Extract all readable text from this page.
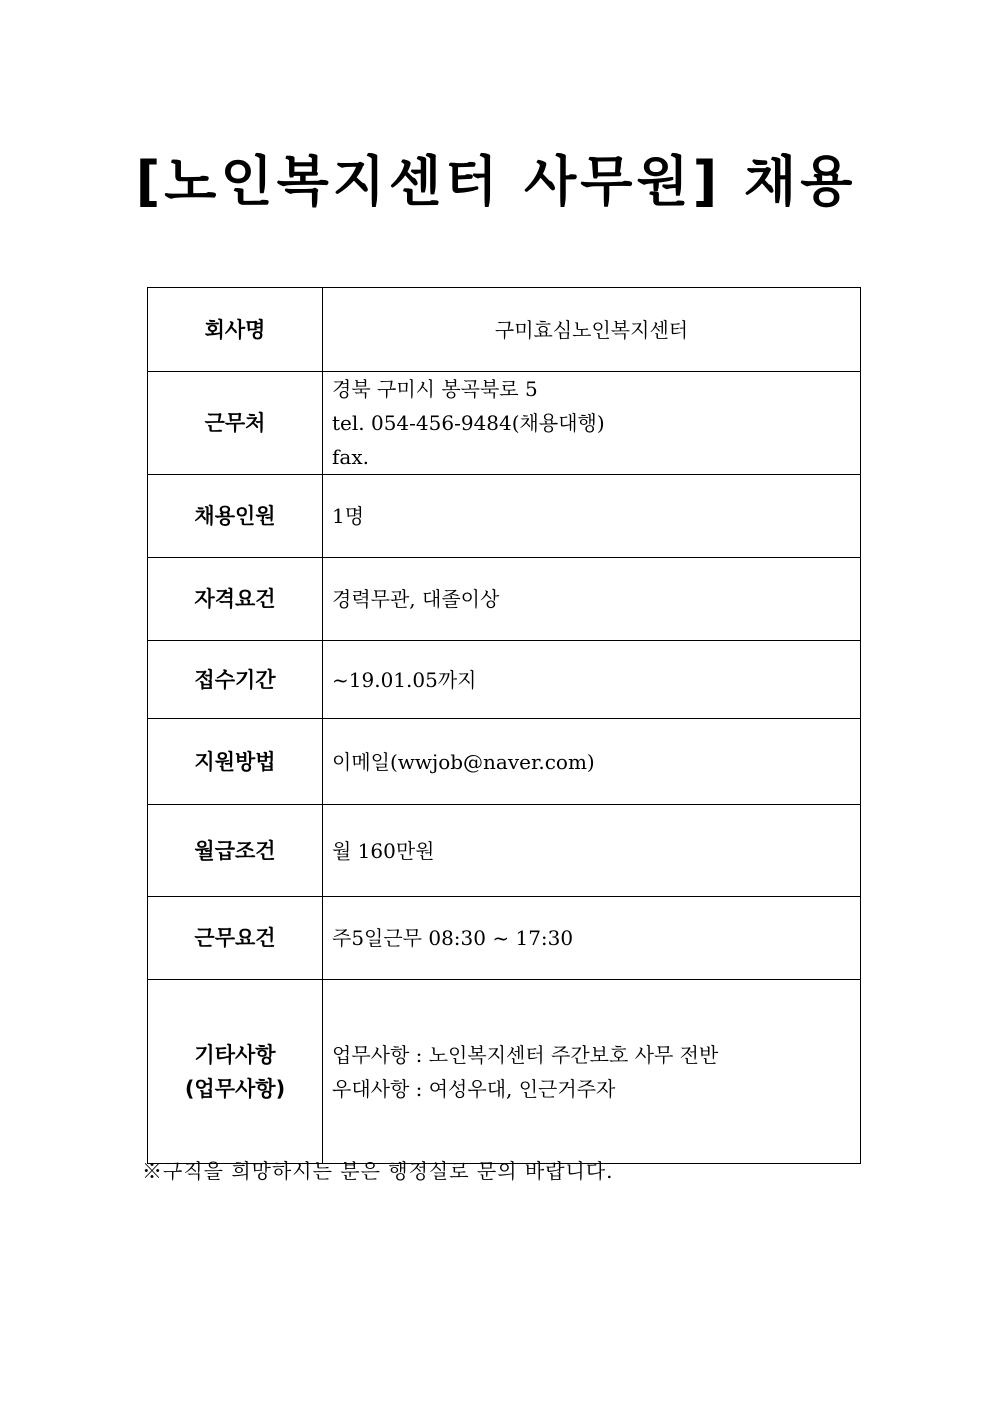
[노인복지센터 사무원] 채용
회사명	구미효심노인복지센터

근무처	경북 구미시 봉곡북로 5
tel. 054-456-9484(채용대행)
fax.

채용인원	1명

자격요건	경력무관, 대졸이상

접수기간	~19.01.05까지

지원방법	이메일(wwjob@naver.com)

월급조건	월 160만원

근무요건	주5일근무 08:30 ~ 17:30

기타사항
(업무사항)	업무사항 : 노인복지센터 주간보호 사무 전반
우대사항 : 여성우대, 인근거주자
※구직을 희망하시는 분은 행정실로 문의 바랍니다.
